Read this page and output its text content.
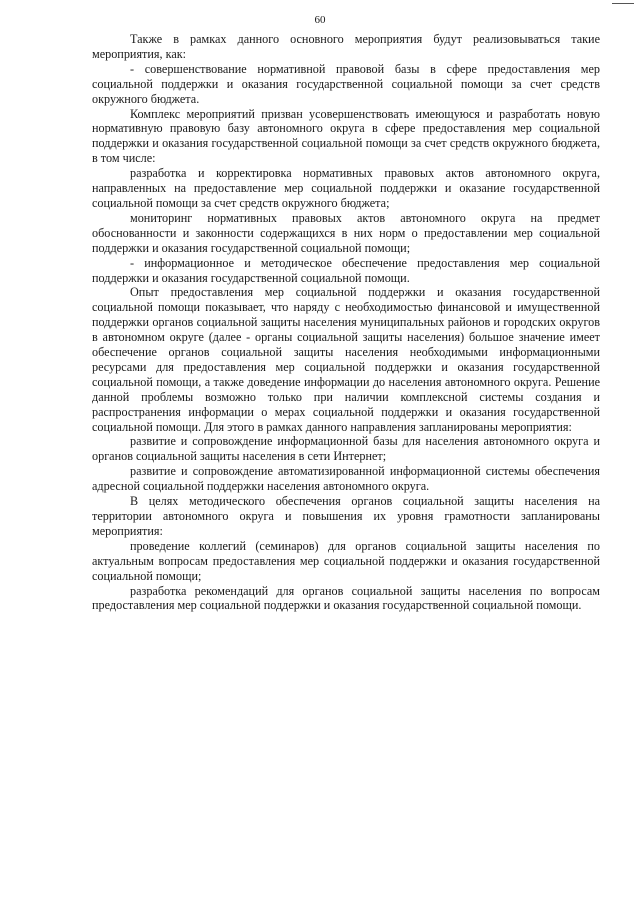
60

Также в рамках данного основного мероприятия будут реализовываться такие мероприятия, как:

- совершенствование нормативной правовой базы в сфере предоставления мер социальной поддержки и оказания государственной социальной помощи за счет средств окружного бюджета.

Комплекс мероприятий призван усовершенствовать имеющуюся и разработать новую нормативную правовую базу автономного округа в сфере предоставления мер социальной поддержки и оказания государственной социальной помощи за счет средств окружного бюджета, в том числе:

разработка и корректировка нормативных правовых актов автономного округа, направленных на предоставление мер социальной поддержки и оказание государственной социальной помощи за счет средств окружного бюджета;

мониторинг нормативных правовых актов автономного округа на предмет обоснованности и законности содержащихся в них норм о предоставлении мер социальной поддержки и оказания государственной социальной помощи;

- информационное и методическое обеспечение предоставления мер социальной поддержки и оказания государственной социальной помощи.

Опыт предоставления мер социальной поддержки и оказания государственной социальной помощи показывает, что наряду с необходимостью финансовой и имущественной поддержки органов социальной защиты населения муниципальных районов и городских округов в автономном округе (далее - органы социальной защиты населения) большое значение имеет обеспечение органов социальной защиты населения необходимыми информационными ресурсами для предоставления мер социальной поддержки и оказания государственной социальной помощи, а также доведение информации до населения автономного округа. Решение данной проблемы возможно только при наличии комплексной системы создания и распространения информации о мерах социальной поддержки и оказания государственной социальной помощи. Для этого в рамках данного направления запланированы мероприятия:

развитие и сопровождение информационной базы для населения автономного округа и органов социальной защиты населения в сети Интернет;

развитие и сопровождение автоматизированной информационной системы обеспечения адресной социальной поддержки населения автономного округа.

В целях методического обеспечения органов социальной защиты населения на территории автономного округа и повышения их уровня грамотности запланированы мероприятия:

проведение коллегий (семинаров) для органов социальной защиты населения по актуальным вопросам предоставления мер социальной поддержки и оказания государственной социальной помощи;

разработка рекомендаций для органов социальной защиты населения по вопросам предоставления мер социальной поддержки и оказания государственной социальной помощи.
